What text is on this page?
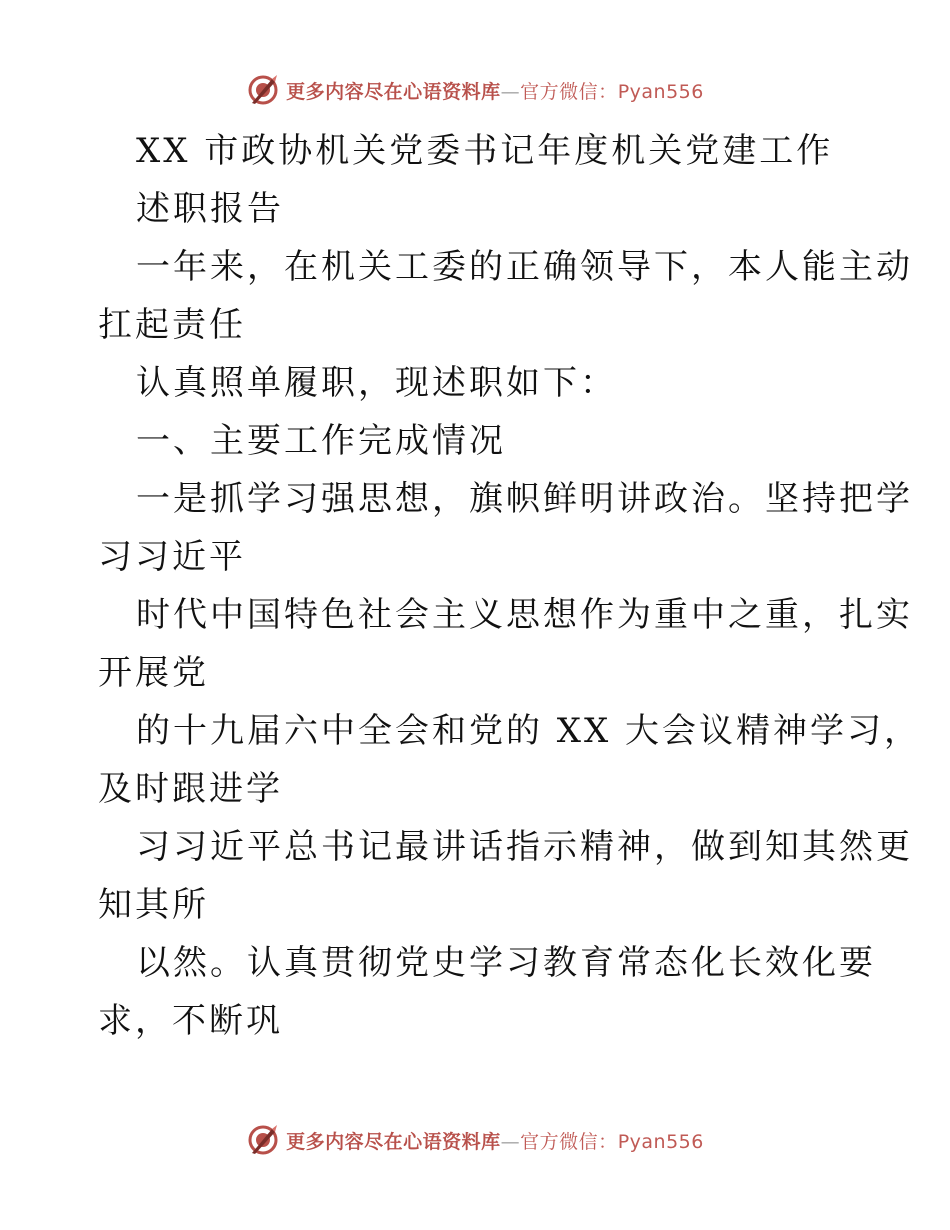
更多内容尽在心语资料库—官方微信：Pyan556

XX 市政协机关党委书记年度机关党建工作

述职报告

一年来，在机关工委的正确领导下，本人能主动
扛起责任

认真照单履职，现述职如下：

一、主要工作完成情况

一是抓学习强思想，旗帜鲜明讲政治。坚持把学
习习近平

时代中国特色社会主义思想作为重中之重，扎实
开展党

的十九届六中全会和党的 XX 大会议精神学习，
及时跟进学

习习近平总书记最讲话指示精神，做到知其然更
知其所

以然。认真贯彻党史学习教育常态化长效化要
求，不断巩

更多内容尽在心语资料库—官方微信：Pyan556
